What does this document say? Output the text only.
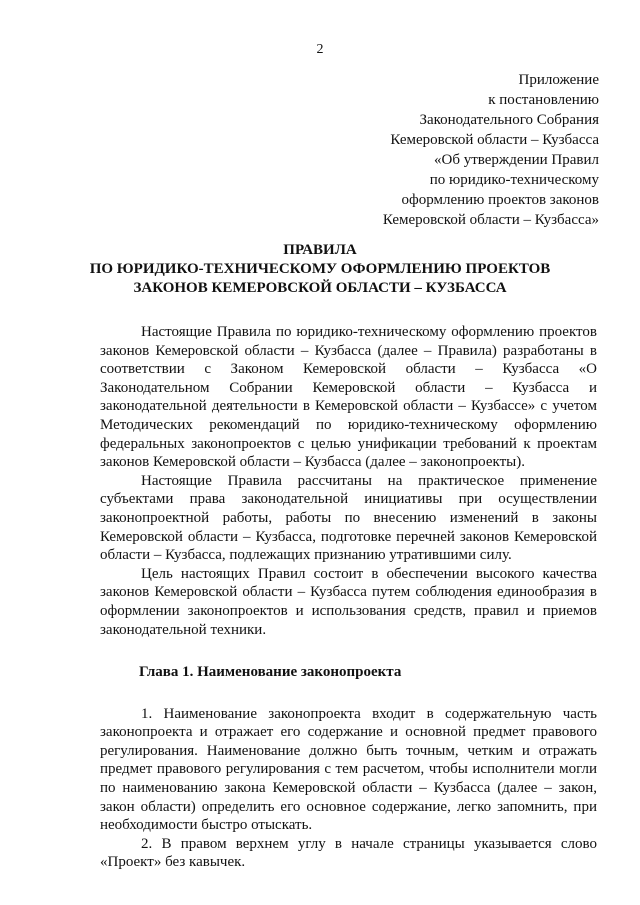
2
Приложение
к постановлению
Законодательного Собрания
Кемеровской области – Кузбасса
«Об утверждении Правил
по юридико-техническому
оформлению проектов законов
Кемеровской области – Кузбасса»
ПРАВИЛА
ПО ЮРИДИКО-ТЕХНИЧЕСКОМУ ОФОРМЛЕНИЮ ПРОЕКТОВ
ЗАКОНОВ КЕМЕРОВСКОЙ ОБЛАСТИ – КУЗБАССА

Настоящие Правила по юридико-техническому оформлению проектов законов Кемеровской области – Кузбасса (далее – Правила) разработаны в соответствии с Законом Кемеровской области – Кузбасса «О Законодательном Собрании Кемеровской области – Кузбасса и законодательной деятельности в Кемеровской области – Кузбассе» с учетом Методических рекомендаций по юридико-техническому оформлению федеральных законопроектов с целью унификации требований к проектам законов Кемеровской области – Кузбасса (далее – законопроекты).

Настоящие Правила рассчитаны на практическое применение субъектами права законодательной инициативы при осуществлении законопроектной работы, работы по внесению изменений в законы Кемеровской области – Кузбасса, подготовке перечней законов Кемеровской области – Кузбасса, подлежащих признанию утратившими силу.

Цель настоящих Правил состоит в обеспечении высокого качества законов Кемеровской области – Кузбасса путем соблюдения единообразия в оформлении законопроектов и использования средств, правил и приемов законодательной техники.

Глава 1. Наименование законопроекта

1. Наименование законопроекта входит в содержательную часть законопроекта и отражает его содержание и основной предмет правового регулирования. Наименование должно быть точным, четким и отражать предмет правового регулирования с тем расчетом, чтобы исполнители могли по наименованию закона Кемеровской области – Кузбасса (далее – закон, закон области) определить его основное содержание, легко запомнить, при необходимости быстро отыскать.

2. В правом верхнем углу в начале страницы указывается слово «Проект» без кавычек.
